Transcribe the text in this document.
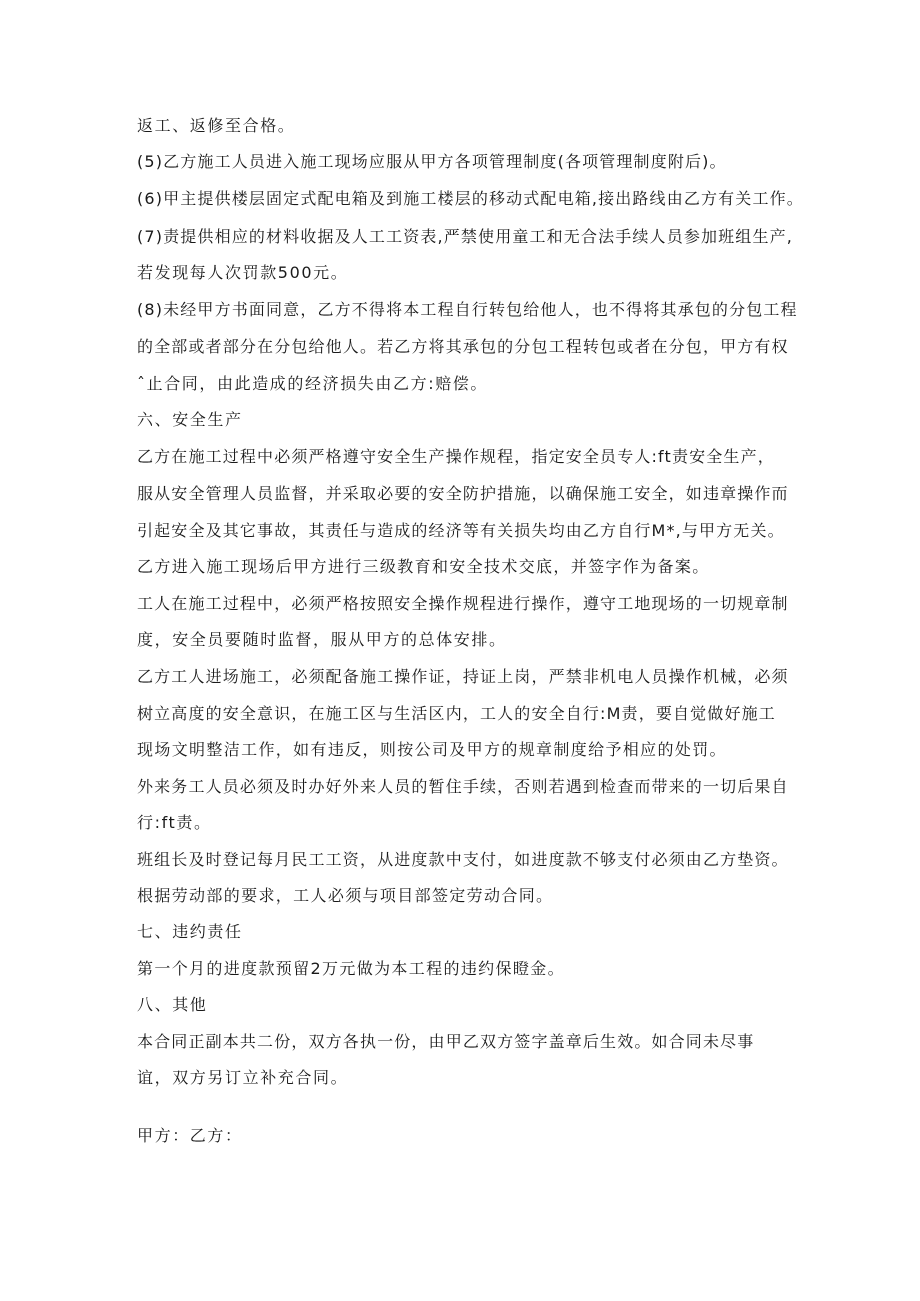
返工、返修至合格。
(5)乙方施工人员进入施工现场应服从甲方各项管理制度(各项管理制度附后)。
(6)甲主提供楼层固定式配电箱及到施工楼层的移动式配电箱,接出路线由乙方有关工作。
(7)责提供相应的材料收据及人工工资表,严禁使用童工和无合法手续人员参加班组生产,
若发现每人次罚款500元。
(8)未经甲方书面同意，乙方不得将本工程自行转包给他人，也不得将其承包的分包工程
的全部或者部分在分包给他人。若乙方将其承包的分包工程转包或者在分包，甲方有权
ˆ止合同，由此造成的经济损失由乙方:赔偿。
六、安全生产
乙方在施工过程中必须严格遵守安全生产操作规程，指定安全员专人:ft责安全生产，
服从安全管理人员监督，并采取必要的安全防护措施，以确保施工安全，如违章操作而
引起安全及其它事故，其责任与造成的经济等有关损失均由乙方自行M*,与甲方无关。
乙方进入施工现场后甲方进行三级教育和安全技术交底，并签字作为备案。
工人在施工过程中，必须严格按照安全操作规程进行操作，遵守工地现场的一切规章制
度，安全员要随时监督，服从甲方的总体安排。
乙方工人进场施工，必须配备施工操作证，持证上岗，严禁非机电人员操作机械，必须
树立高度的安全意识，在施工区与生活区内，工人的安全自行:M责，要自觉做好施工
现场文明整洁工作，如有违反，则按公司及甲方的规章制度给予相应的处罚。
外来务工人员必须及时办好外来人员的暂住手续，否则若遇到检查而带来的一切后果自
行:ft责。
班组长及时登记每月民工工资，从进度款中支付，如进度款不够支付必须由乙方垫资。
根据劳动部的要求，工人必须与项目部签定劳动合同。
七、违约责任
第一个月的进度款预留2万元做为本工程的违约保瞪金。
八、其他
本合同正副本共二份，双方各执一份，由甲乙双方签字盖章后生效。如合同未尽事
谊，双方另订立补充合同。
甲方：乙方：
